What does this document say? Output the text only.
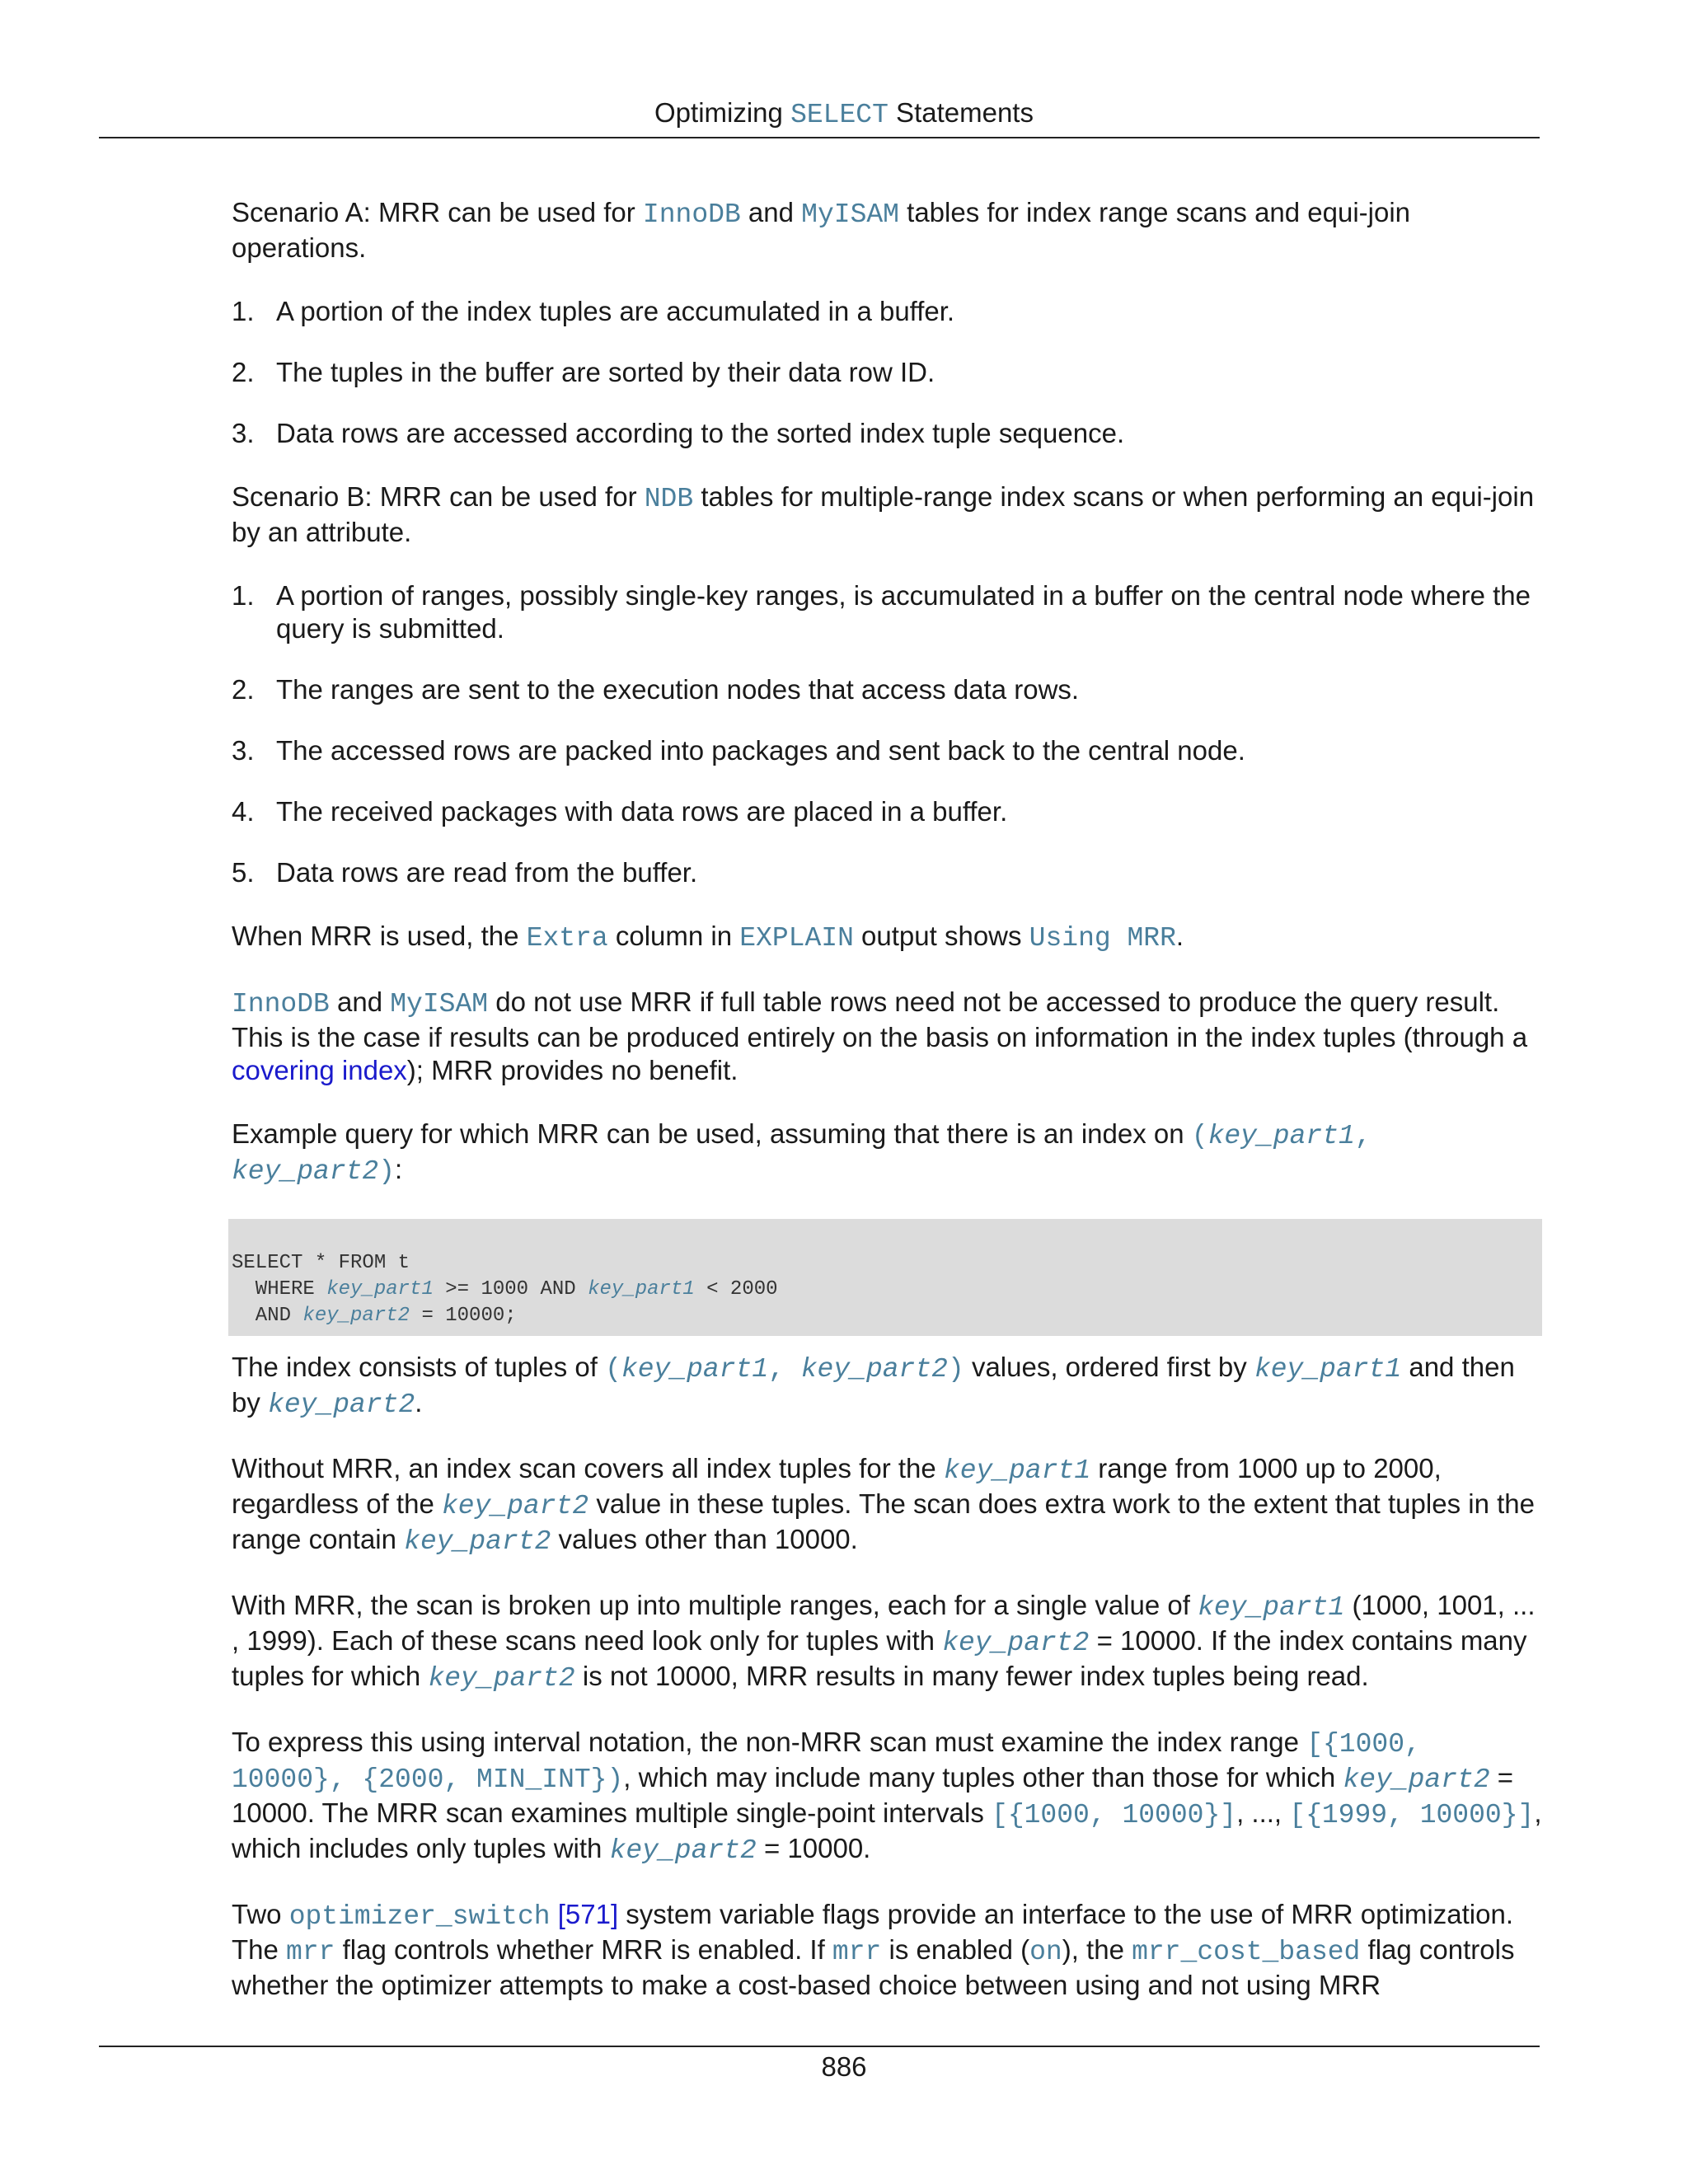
Optimizing SELECT Statements

Scenario A: MRR can be used for InnoDB and MyISAM tables for index range scans and equi-join operations.

1. A portion of the index tuples are accumulated in a buffer.
2. The tuples in the buffer are sorted by their data row ID.
3. Data rows are accessed according to the sorted index tuple sequence.

Scenario B: MRR can be used for NDB tables for multiple-range index scans or when performing an equi-join by an attribute.

1. A portion of ranges, possibly single-key ranges, is accumulated in a buffer on the central node where the query is submitted.
2. The ranges are sent to the execution nodes that access data rows.
3. The accessed rows are packed into packages and sent back to the central node.
4. The received packages with data rows are placed in a buffer.
5. Data rows are read from the buffer.

When MRR is used, the Extra column in EXPLAIN output shows Using MRR.

InnoDB and MyISAM do not use MRR if full table rows need not be accessed to produce the query result. This is the case if results can be produced entirely on the basis on information in the index tuples (through a covering index); MRR provides no benefit.

Example query for which MRR can be used, assuming that there is an index on (key_part1, key_part2):

SELECT * FROM t
WHERE key_part1 >= 1000 AND key_part1 < 2000
AND key_part2 = 10000;

The index consists of tuples of (key_part1, key_part2) values, ordered first by key_part1 and then by key_part2.

Without MRR, an index scan covers all index tuples for the key_part1 range from 1000 up to 2000, regardless of the key_part2 value in these tuples. The scan does extra work to the extent that tuples in the range contain key_part2 values other than 10000.

With MRR, the scan is broken up into multiple ranges, each for a single value of key_part1 (1000, 1001, ... , 1999). Each of these scans need look only for tuples with key_part2 = 10000. If the index contains many tuples for which key_part2 is not 10000, MRR results in many fewer index tuples being read.

To express this using interval notation, the non-MRR scan must examine the index range [{1000, 10000}, {2000, MIN_INT}), which may include many tuples other than those for which key_part2 = 10000. The MRR scan examines multiple single-point intervals [{1000, 10000}], ..., [{1999, 10000}], which includes only tuples with key_part2 = 10000.

Two optimizer_switch [571] system variable flags provide an interface to the use of MRR optimization. The mrr flag controls whether MRR is enabled. If mrr is enabled (on), the mrr_cost_based flag controls whether the optimizer attempts to make a cost-based choice between using and not using MRR

886
